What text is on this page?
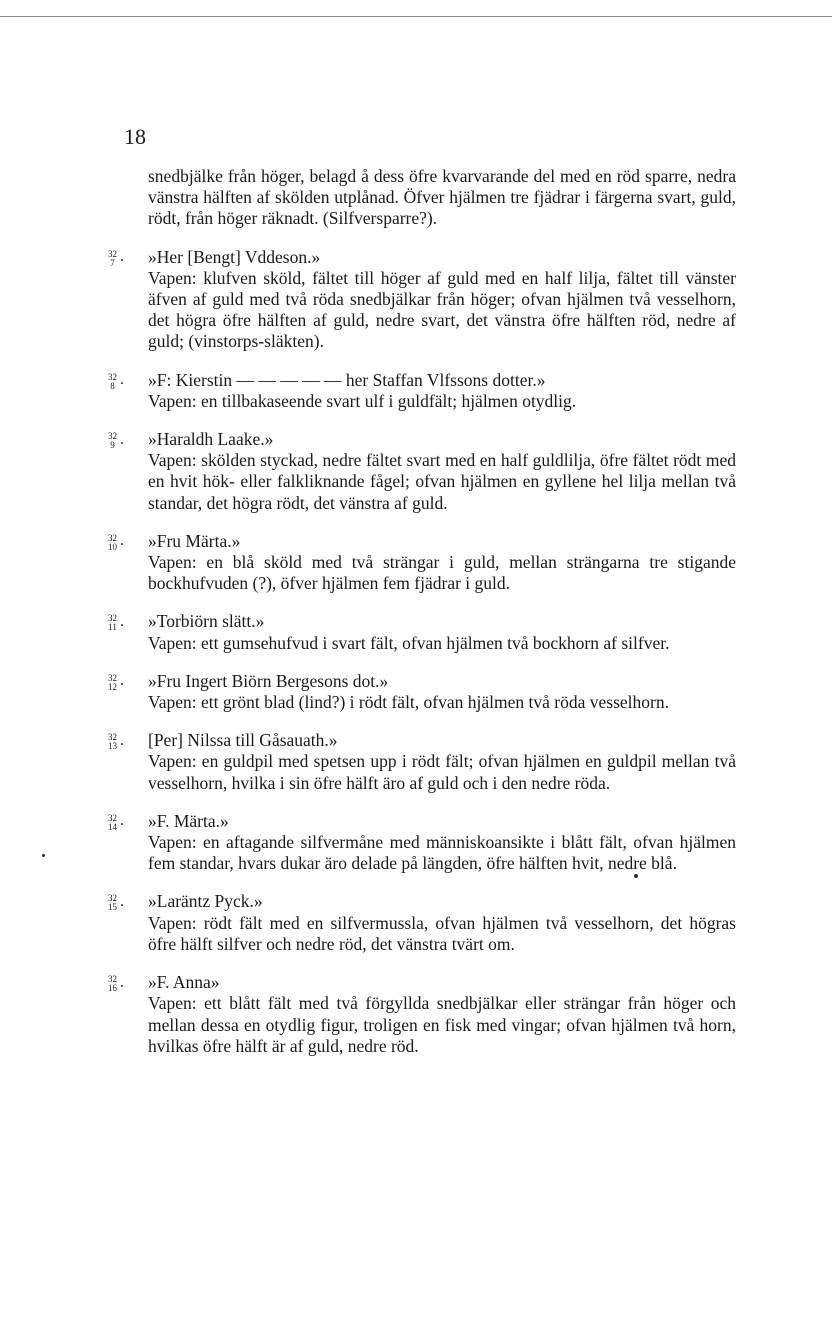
18

snedbjälke från höger, belagd å dess öfre kvarvarande del med en röd sparre, nedra vänstra hälften af skölden utplånad. Öfver hjälmen tre fjädrar i färgerna svart, guld, rödt, från höger räknadt. (Silfversparre?).

32
7 . »Her [Bengt] Vddeson.»

Vapen: klufven sköld, fältet till höger af guld med en half lilja, fältet till vänster äfven af guld med två röda snedbjälkar från höger; ofvan hjälmen två vesselhorn, det högra öfre hälften af guld, nedre svart, det vänstra öfre hälften röd, nedre af guld; (vinstorps-släkten).

32
8 . »F: Kierstin — — — — — her Staffan Vlfssons dotter.»

Vapen: en tillbakaseende svart ulf i guldfält; hjälmen otydlig.

32
9 . »Haraldh Laake.»

Vapen: skölden styckad, nedre fältet svart med en half guldlilja, öfre fältet rödt med en hvit hök- eller falkliknande fågel; ofvan hjälmen en gyllene hel lilja mellan två standar, det högra rödt, det vänstra af guld.

32
10 . »Fru Märta.»

Vapen: en blå sköld med två strängar i guld, mellan strängarna tre stigande bockhufvuden (?), öfver hjälmen fem fjädrar i guld.

32
11 . »Torbiörn slätt.»

Vapen: ett gumsehufvud i svart fält, ofvan hjälmen två bockhorn af silfver.

32
12 . »Fru Ingert Biörn Bergesons dot.»

Vapen: ett grönt blad (lind?) i rödt fält, ofvan hjälmen två röda vesselhorn.

32
13 . [Per] Nilssa till Gåsauath.»

Vapen: en guldpil med spetsen upp i rödt fält; ofvan hjälmen en guldpil mellan två vesselhorn, hvilka i sin öfre hälft äro af guld och i den nedre röda.

32
14 . »F. Märta.»

Vapen: en aftagande silfvermåne med människoansikte i blått fält, ofvan hjälmen fem standar, hvars dukar äro delade på längden, öfre hälften hvit, nedre blå.

32
15 . »Laräntz Pyck.»

Vapen: rödt fält med en silfvermussla, ofvan hjälmen två vesselhorn, det högras öfre hälft silfver och nedre röd, det vänstra tvärt om.

32
16 . »F. Anna»

Vapen: ett blått fält med två förgyllda snedbjälkar eller strängar från höger och mellan dessa en otydlig figur, troligen en fisk med vingar; ofvan hjälmen två horn, hvilkas öfre hälft är af guld, nedre röd.
